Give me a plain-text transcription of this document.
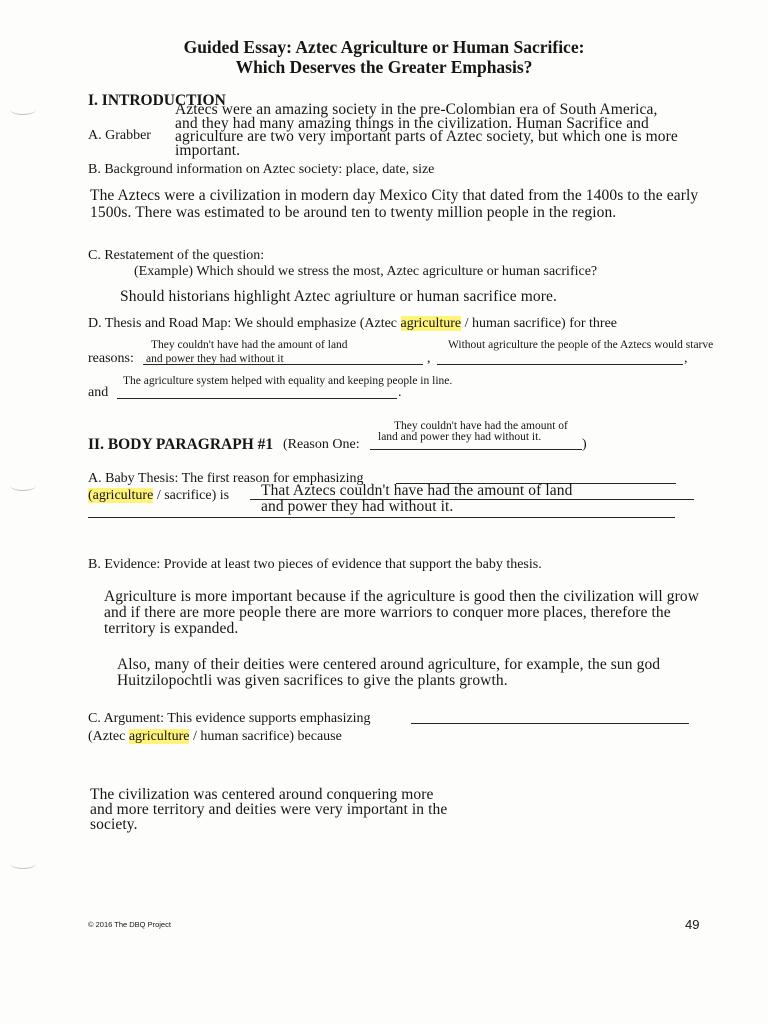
Guided Essay: Aztec Agriculture or Human Sacrifice:
Which Deserves the Greater Emphasis?
I. INTRODUCTION
A. Grabber
Aztecs were an amazing society in the pre-Colombian era of South America,
and they had many amazing things in the civilization. Human Sacrifice and
agriculture are two very important parts of Aztec society, but which one is more
important.
B. Background information on Aztec society: place, date, size
The Aztecs were a civilization in modern day Mexico City that dated from the 1400s to the early
1500s. There was estimated to be around ten to twenty million people in the region.
C. Restatement of the question:
(Example) Which should we stress the most, Aztec agriculture or human sacrifice?
Should historians highlight Aztec agriulture or human sacrifice more.
D. Thesis and Road Map: We should emphasize (Aztec agriculture / human sacrifice) for three
reasons:
They couldn't have had the amount of land
and power they had without it	,
Without agriculture the people of the Aztecs would starve
,
The agriculture system helped with equality and keeping people in line.
and	.
II. BODY PARAGRAPH #1 (Reason One:
They couldn't have had the amount of
land and power they had without it.	)
A. Baby Thesis: The first reason for emphasizing
(agriculture / sacrifice) is That Aztecs couldn't have had the amount of land
and power they had without it.
B. Evidence: Provide at least two pieces of evidence that support the baby thesis.
Agriculture is more important because if the agriculture is good then the civilization will grow
and if there are more people there are more warriors to conquer more places, therefore the
territory is expanded.
Also, many of their deities were centered around agriculture, for example, the sun god
Huitzilopochtli was given sacrifices to give the plants growth.
C. Argument: This evidence supports emphasizing
(Aztec agriculture / human sacrifice) because
The civilization was centered around conquering more
and more territory and deities were very important in the
society.
© 2016 The DBQ Project	49
